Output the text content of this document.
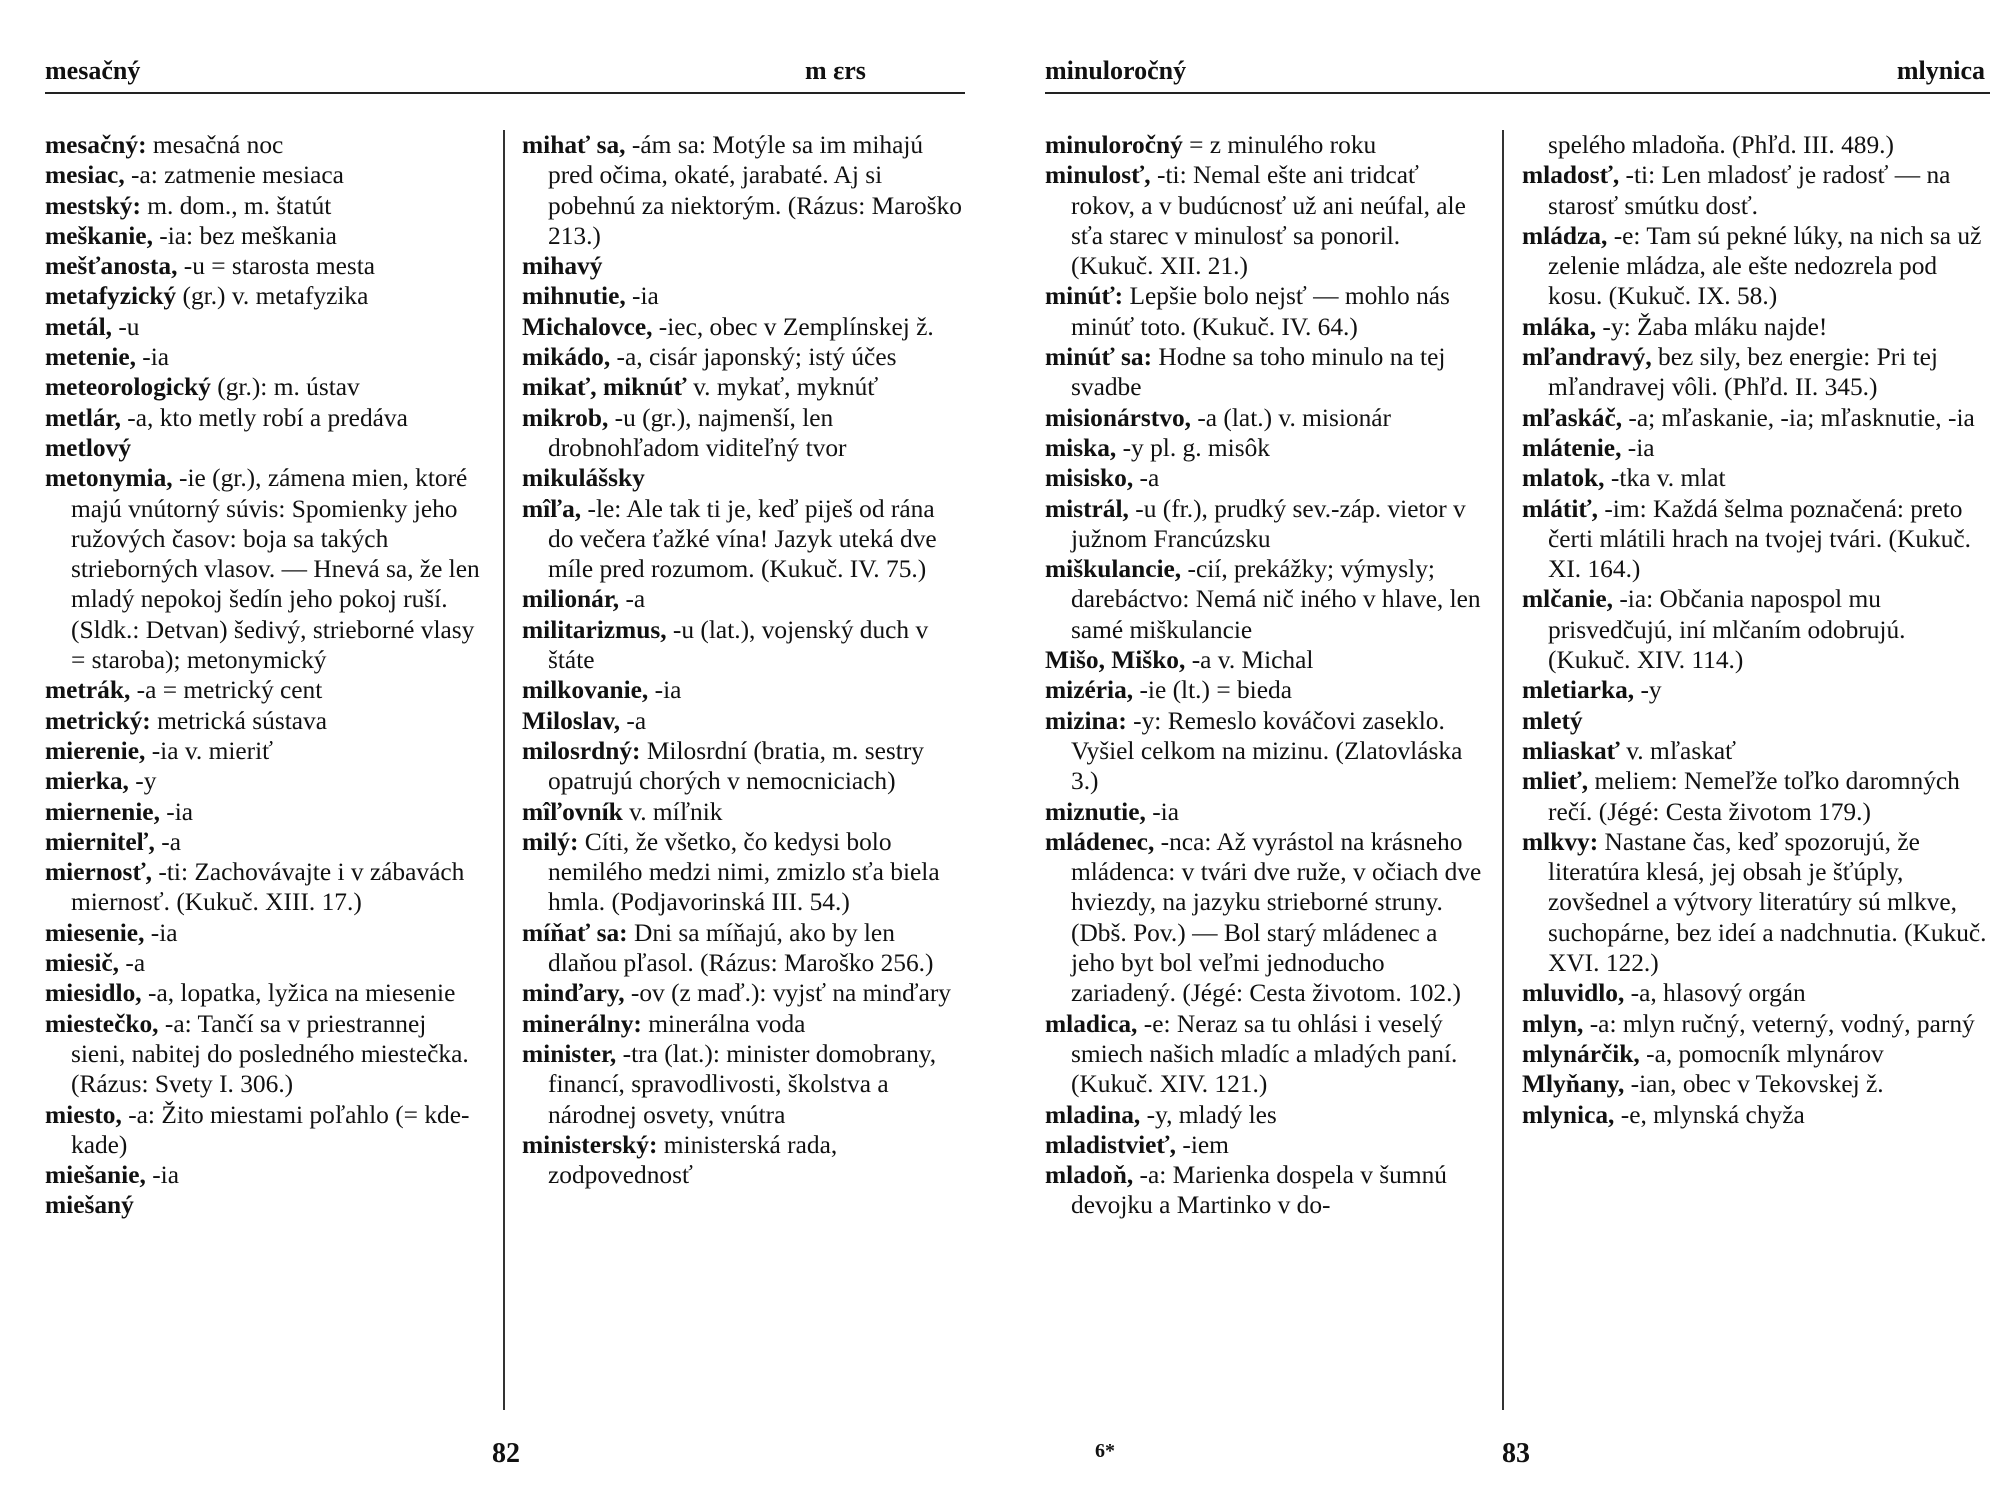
mesačný	m εrs

mesačný: mesačná noc

mesiac, -a: zatmenie mesiaca

mestský: m. dom., m. štatút

meškanie, -ia: bez meškania

mešťanosta, -u = starosta mesta

metafyzický (gr.) v. metafyzika

metál, -u

metenie, -ia

meteorologický (gr.): m. ústav

metlár, -a, kto metly robí a predáva

metlový

metonymia, -ie (gr.), zámena mien, ktoré majú vnútorný súvis: Spomienky jeho ružových časov: boja sa takých strieborných vlasov. — Hnevá sa, že len mladý nepokoj šedín jeho pokoj ruší. (Sldk.: Detvan) šedivý, strieborné vlasy = staroba); metonymický

metrák, -a = metrický cent

metrický: metrická sústava

mierenie, -ia v. mieriť

mierka, -y

miernenie, -ia

mierniteľ, -a

miernosť, -ti: Zachovávajte i v zábavách miernosť. (Kukuč. XIII. 17.)

miesenie, -ia

miesič, -a

miesidlo, -a, lopatka, lyžica na miesenie

miestečko, -a: Tančí sa v priestrannej sieni, nabitej do posledného miestečka. (Rázus: Svety I. 306.)

miesto, -a: Žito miestami poľahlo (= kde-kade)

miešanie, -ia

miešaný

mihať sa, -ám sa: Motýle sa im mihajú pred očima, okaté, jarabaté. Aj si pobehnú za niektorým. (Rázus: Maroško 213.)

mihavý

mihnutie, -ia

Michalovce, -iec, obec v Zemplínskej ž.

mikádo, -a, cisár japonský; istý účes

mikať, miknúť v. mykať, myknúť

mikrob, -u (gr.), najmenší, len drobnohľadom viditeľný tvor

mikulášsky

mîľa, -le: Ale tak ti je, keď piješ od rána do večera ťažké vína! Jazyk uteká dve míle pred rozumom. (Kukuč. IV. 75.)

milionár, -a

militarizmus, -u (lat.), vojenský duch v štáte

milkovanie, -ia

Miloslav, -a

milosrdný: Milosrdní (bratia, m. sestry opatrujú chorých v nemocniciach)

mîľovník v. míľnik

milý: Cíti, že všetko, čo kedysi bolo nemilého medzi nimi, zmizlo sťa biela hmla. (Podjavorinská III. 54.)

míňať sa: Dni sa míňajú, ako by len dlaňou pľasol. (Rázus: Maroško 256.)

minďary, -ov (z maď.): vyjsť na minďary

minerálny: minerálna voda

minister, -tra (lat.): minister domobrany, financí, spravodlivosti, školstva a národnej osvety, vnútra

ministerský: ministerská rada, zodpovednosť

82	6*
minuloročný	mlynica

minuloročný = z minulého roku

minulosť, -ti: Nemal ešte ani tridcať rokov, a v budúcnosť už ani neúfal, ale sťa starec v minulosť sa ponoril. (Kukuč. XII. 21.)

minúť: Lepšie bolo nejsť — mohlo nás minúť toto. (Kukuč. IV. 64.)

minúť sa: Hodne sa toho minulo na tej svadbe

misionárstvo, -a (lat.) v. misionár

miska, -y pl. g. misôk

misisko, -a

mistrál, -u (fr.), prudký sev.-záp. vietor v južnom Francúzsku

miškulancie, -cií, prekážky; výmysly; darebáctvo: Nemá nič iného v hlave, len samé miškulancie

Mišo, Miško, -a v. Michal

mizéria, -ie (lt.) = bieda

mizina: -y: Remeslo kováčovi zaseklo. Vyšiel celkom na mizinu. (Zlatovláska 3.)

miznutie, -ia

mládenec, -nca: Až vyrástol na krásneho mládenca: v tvári dve ruže, v očiach dve hviezdy, na jazyku strieborné struny. (Dbš. Pov.) — Bol starý mládenec a jeho byt bol veľmi jednoducho zariadený. (Jégé: Cesta životom. 102.)

mladica, -e: Neraz sa tu ohlási i veselý smiech našich mladíc a mladých paní. (Kukuč. XIV. 121.)

mladina, -y, mladý les

mladistvieť, -iem

mladoň, -a: Marienka dospela v šumnú devojku a Martinko v do-

spelého mladoňa. (Phľd. III. 489.)

mladosť, -ti: Len mladosť je radosť — na starosť smútku dosť.

mládza, -e: Tam sú pekné lúky, na nich sa už zelenie mládza, ale ešte nedozrela pod kosu. (Kukuč. IX. 58.)

mláka, -y: Žaba mláku najde!

mľandravý, bez sily, bez energie: Pri tej mľandravej vôli. (Phľd. II. 345.)

mľaskáč, -a; mľaskanie, -ia; mľasknutie, -ia

mlátenie, -ia

mlatok, -tka v. mlat

mlátiť, -im: Každá šelma poznačená: preto čerti mlátili hrach na tvojej tvári. (Kukuč. XI. 164.)

mlčanie, -ia: Občania napospol mu prisvedčujú, iní mlčaním odobrujú. (Kukuč. XIV. 114.)

mletiarka, -y

mletý

mliaskať v. mľaskať

mlieť, meliem: Nemeľže toľko daromných rečí. (Jégé: Cesta životom 179.)

mlkvy: Nastane čas, keď spozorujú, že literatúra klesá, jej obsah je šťúply, zovšednel a výtvory literatúry sú mlkve, suchopárne, bez ideí a nadchnutia. (Kukuč. XVI. 122.)

mluvidlo, -a, hlasový orgán

mlyn, -a: mlyn ručný, veterný, vodný, parný

mlynárčik, -a, pomocník mlynárov

Mlyňany, -ian, obec v Tekovskej ž.

mlynica, -e, mlynská chyža

83
